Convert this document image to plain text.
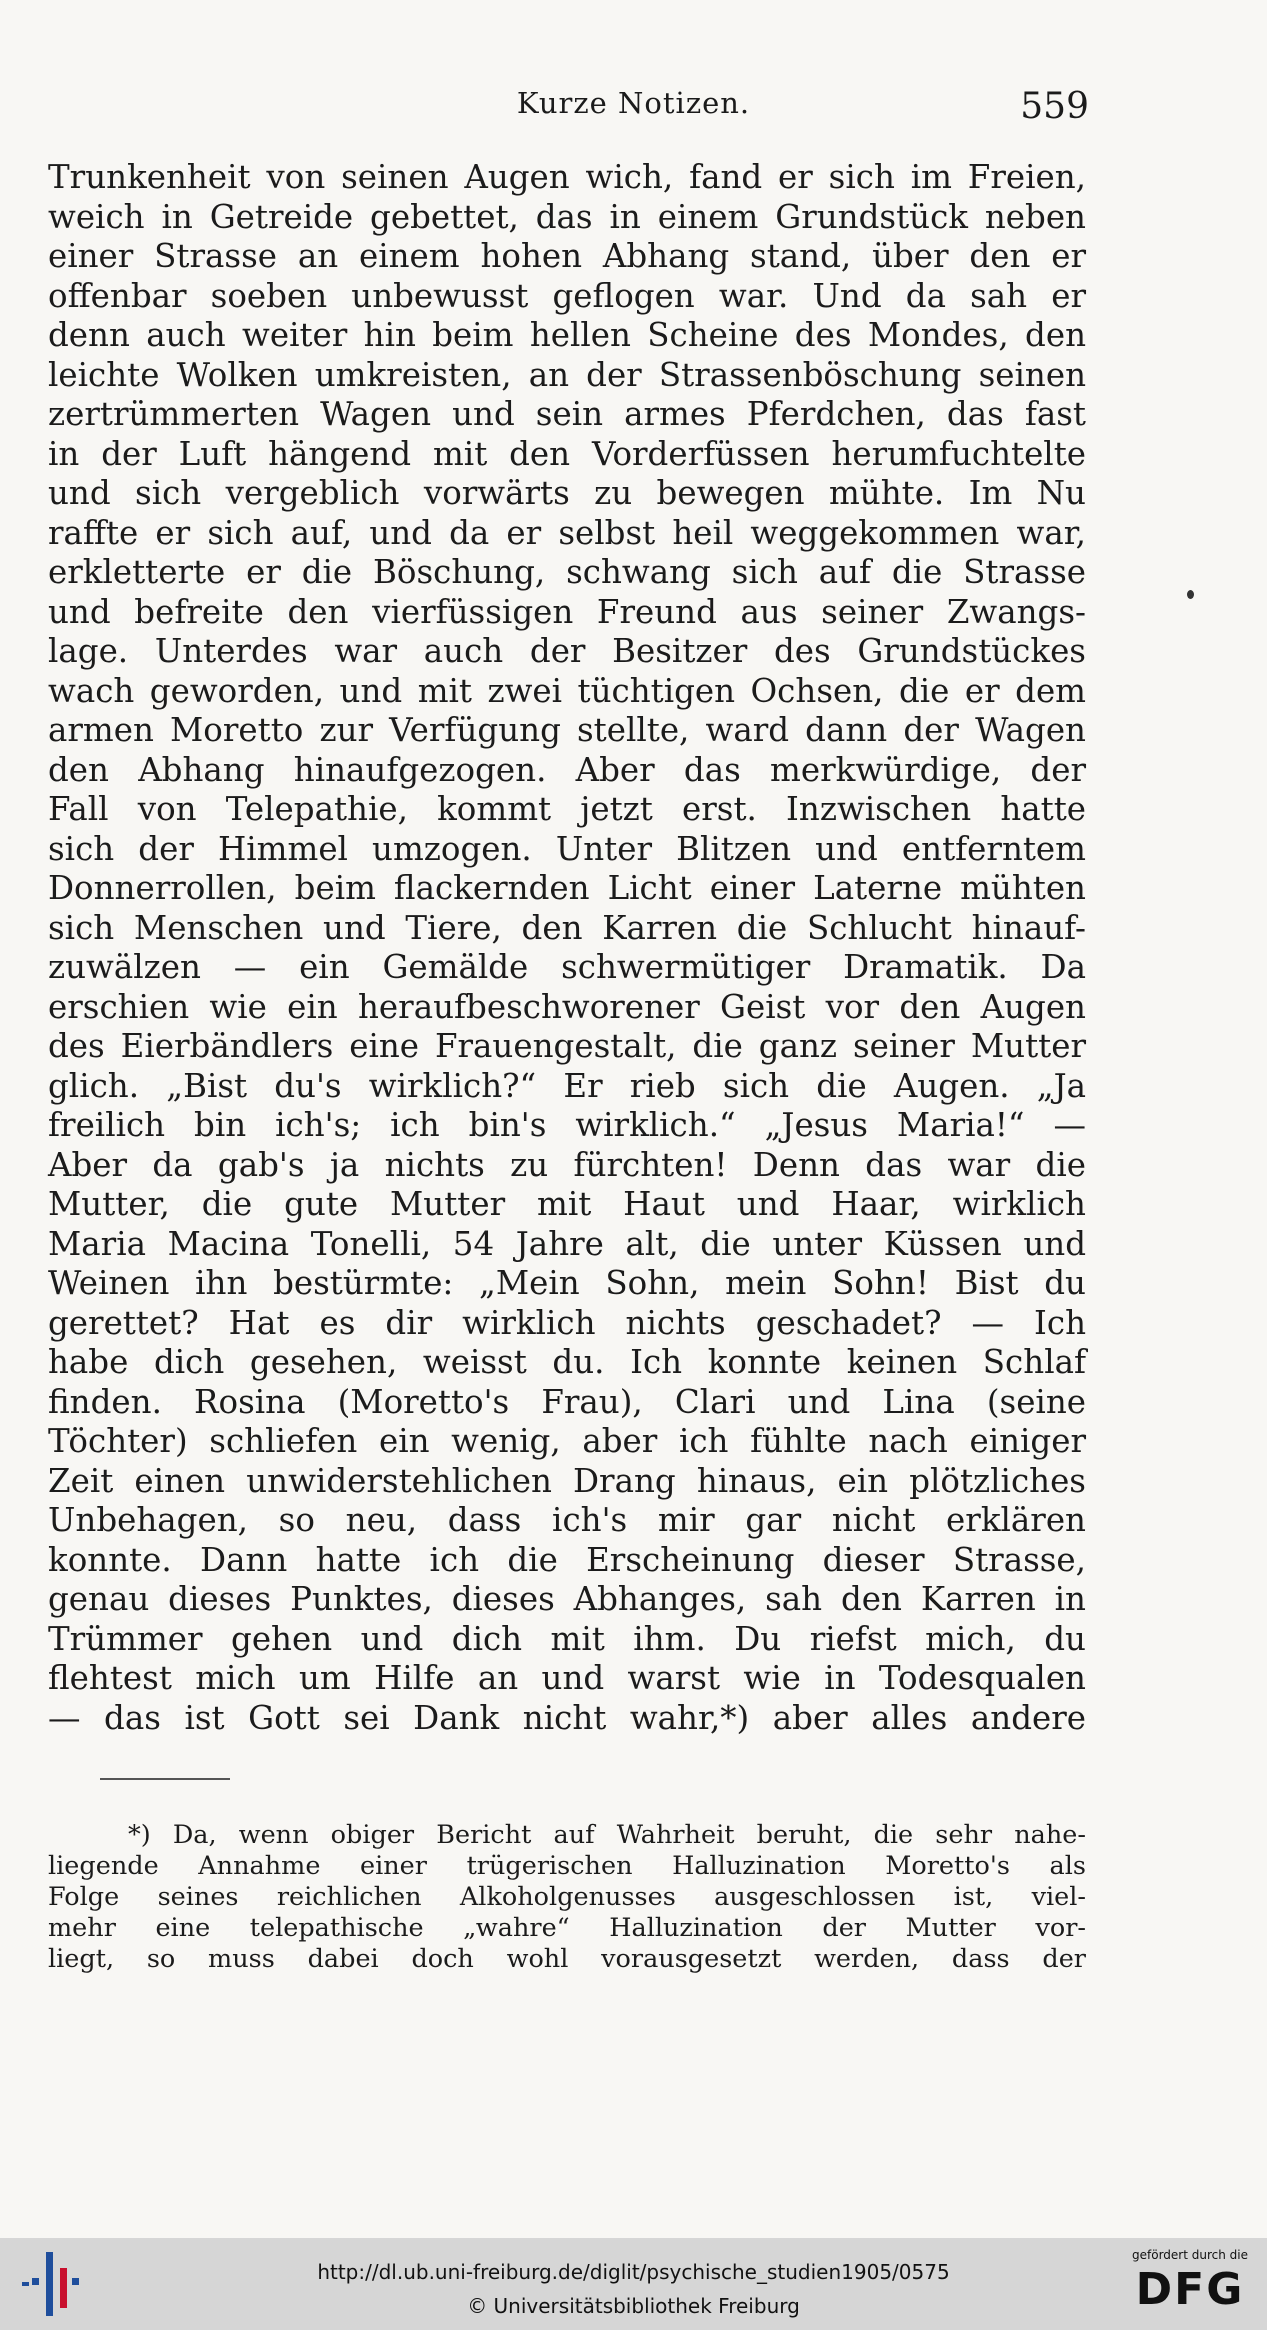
Kurze Notizen.	559
Trunkenheit von seinen Augen wich, fand er sich im Freien,
weich in Getreide gebettet, das in einem Grundstück neben
einer Strasse an einem hohen Abhang stand, über den er
offenbar soeben unbewusst geflogen war. Und da sah er
denn auch weiter hin beim hellen Scheine des Mondes, den
leichte Wolken umkreisten, an der Strassenböschung seinen
zertrümmerten Wagen und sein armes Pferdchen, das fast
in der Luft hängend mit den Vorderfüssen herumfuchtelte
und sich vergeblich vorwärts zu bewegen mühte. Im Nu
raffte er sich auf, und da er selbst heil weggekommen war,
erkletterte er die Böschung, schwang sich auf die Strasse
und befreite den vierfüssigen Freund aus seiner Zwangs-
lage. Unterdes war auch der Besitzer des Grundstückes
wach geworden, und mit zwei tüchtigen Ochsen, die er dem
armen Moretto zur Verfügung stellte, ward dann der Wagen
den Abhang hinaufgezogen. Aber das merkwürdige, der
Fall von Telepathie, kommt jetzt erst. Inzwischen hatte
sich der Himmel umzogen. Unter Blitzen und entferntem
Donnerrollen, beim flackernden Licht einer Laterne mühten
sich Menschen und Tiere, den Karren die Schlucht hinauf-
zuwälzen — ein Gemälde schwermütiger Dramatik. Da
erschien wie ein heraufbeschworener Geist vor den Augen
des Eierbändlers eine Frauengestalt, die ganz seiner Mutter
glich. „Bist du's wirklich?“ Er rieb sich die Augen. „Ja
freilich bin ich's; ich bin's wirklich.“ „Jesus Maria!“ —
Aber da gab's ja nichts zu fürchten! Denn das war die
Mutter, die gute Mutter mit Haut und Haar, wirklich
Maria Macina Tonelli, 54 Jahre alt, die unter Küssen und
Weinen ihn bestürmte: „Mein Sohn, mein Sohn! Bist du
gerettet? Hat es dir wirklich nichts geschadet? — Ich
habe dich gesehen, weisst du. Ich konnte keinen Schlaf
finden. Rosina (Moretto's Frau), Clari und Lina (seine
Töchter) schliefen ein wenig, aber ich fühlte nach einiger
Zeit einen unwiderstehlichen Drang hinaus, ein plötzliches
Unbehagen, so neu, dass ich's mir gar nicht erklären
konnte. Dann hatte ich die Erscheinung dieser Strasse,
genau dieses Punktes, dieses Abhanges, sah den Karren in
Trümmer gehen und dich mit ihm. Du riefst mich, du
flehtest mich um Hilfe an und warst wie in Todesqualen
— das ist Gott sei Dank nicht wahr,*) aber alles andere
*) Da, wenn obiger Bericht auf Wahrheit beruht, die sehr nahe-
liegende Annahme einer trügerischen Halluzination Moretto's als
Folge seines reichlichen Alkoholgenusses ausgeschlossen ist, viel-
mehr eine telepathische „wahre“ Halluzination der Mutter vor-
liegt, so muss dabei doch wohl vorausgesetzt werden, dass der
http://dl.ub.uni-freiburg.de/diglit/psychische_studien1905/0575
© Universitätsbibliothek Freiburg
gefördert durch die
DFG
